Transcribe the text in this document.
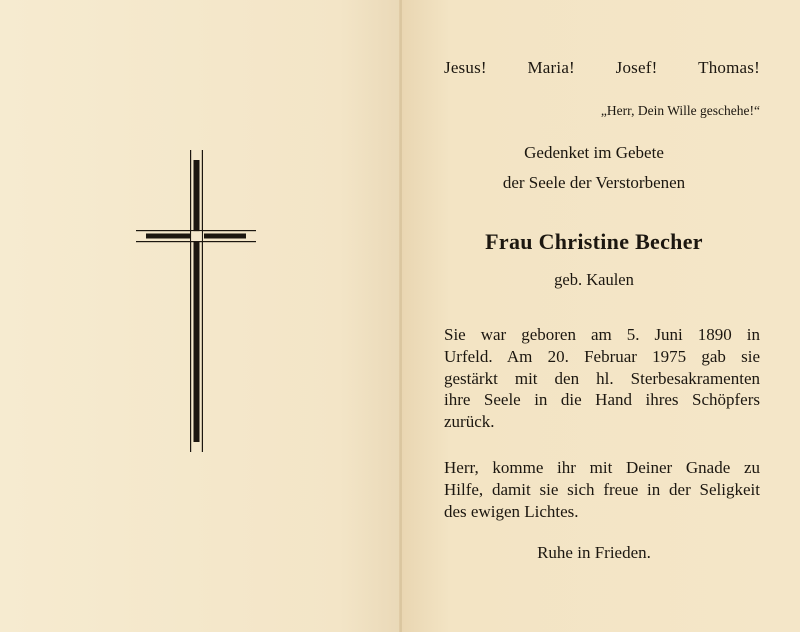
Jesus! Maria! Josef! Thomas!
„Herr, Dein Wille geschehe!“
Gedenket im Gebete
der Seele der Verstorbenen
Frau Christine Becher
geb. Kaulen
Sie war geboren am 5. Juni 1890 in
Urfeld. Am 20. Februar 1975 gab sie
gestärkt mit den hl. Sterbesakramenten
ihre Seele in die Hand ihres Schöpfers
zurück.
Herr, komme ihr mit Deiner Gnade zu
Hilfe, damit sie sich freue in der Seligkeit
des ewigen Lichtes.
Ruhe in Frieden.
